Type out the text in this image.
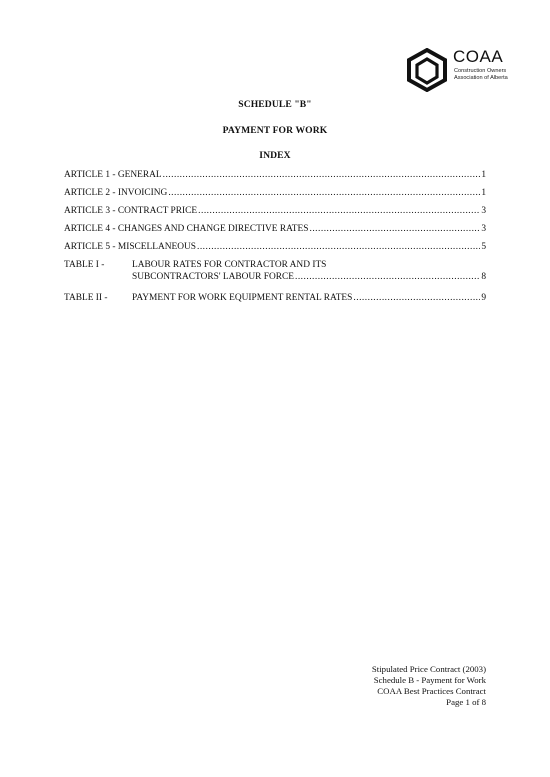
COAA
Construction Owners
Association of Alberta
SCHEDULE "B"
PAYMENT FOR WORK
INDEX
ARTICLE 1 - GENERAL .....	1
ARTICLE 2 - INVOICING .....	1
ARTICLE 3 - CONTRACT PRICE .....	3
ARTICLE 4 - CHANGES AND CHANGE DIRECTIVE RATES .....	3
ARTICLE 5 - MISCELLANEOUS .....	5
TABLE I -	LABOUR RATES FOR CONTRACTOR AND ITS
SUBCONTRACTORS' LABOUR FORCE .....	8
TABLE II -	PAYMENT FOR WORK EQUIPMENT RENTAL RATES .....	9
Stipulated Price Contract (2003)
Schedule B - Payment for Work
COAA Best Practices Contract
Page 1 of 8
